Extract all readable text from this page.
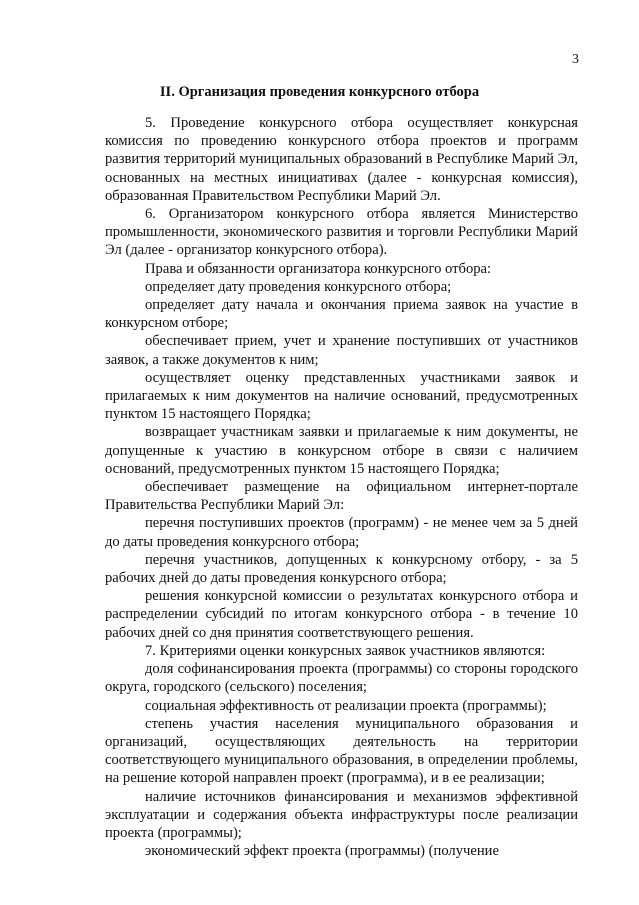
3
II. Организация проведения конкурсного отбора

5. Проведение конкурсного отбора осуществляет конкурсная комиссия по проведению конкурсного отбора проектов и программ развития территорий муниципальных образований в Республике Марий Эл, основанных на местных инициативах (далее - конкурсная комиссия), образованная Правительством Республики Марий Эл.

6. Организатором конкурсного отбора является Министерство промышленности, экономического развития и торговли Республики Марий Эл (далее - организатор конкурсного отбора).

Права и обязанности организатора конкурсного отбора:

определяет дату проведения конкурсного отбора;

определяет дату начала и окончания приема заявок на участие в конкурсном отборе;

обеспечивает прием, учет и хранение поступивших от участников заявок, а также документов к ним;

осуществляет оценку представленных участниками заявок и прилагаемых к ним документов на наличие оснований, предусмотренных пунктом 15 настоящего Порядка;

возвращает участникам заявки и прилагаемые к ним документы, не допущенные к участию в конкурсном отборе в связи с наличием оснований, предусмотренных пунктом 15 настоящего Порядка;

обеспечивает размещение на официальном интернет-портале Правительства Республики Марий Эл:

перечня поступивших проектов (программ) - не менее чем за 5 дней до даты проведения конкурсного отбора;

перечня участников, допущенных к конкурсному отбору, - за 5 рабочих дней до даты проведения конкурсного отбора;

решения конкурсной комиссии о результатах конкурсного отбора и распределении субсидий по итогам конкурсного отбора - в течение 10 рабочих дней со дня принятия соответствующего решения.

7. Критериями оценки конкурсных заявок участников являются:

доля софинансирования проекта (программы) со стороны городского округа, городского (сельского) поселения;

социальная эффективность от реализации проекта (программы);

степень участия населения муниципального образования и организаций, осуществляющих деятельность на территории соответствующего муниципального образования, в определении проблемы, на решение которой направлен проект (программа), и в ее реализации;

наличие источников финансирования и механизмов эффективной эксплуатации и содержания объекта инфраструктуры после реализации проекта (программы);

экономический эффект проекта (программы) (получение
